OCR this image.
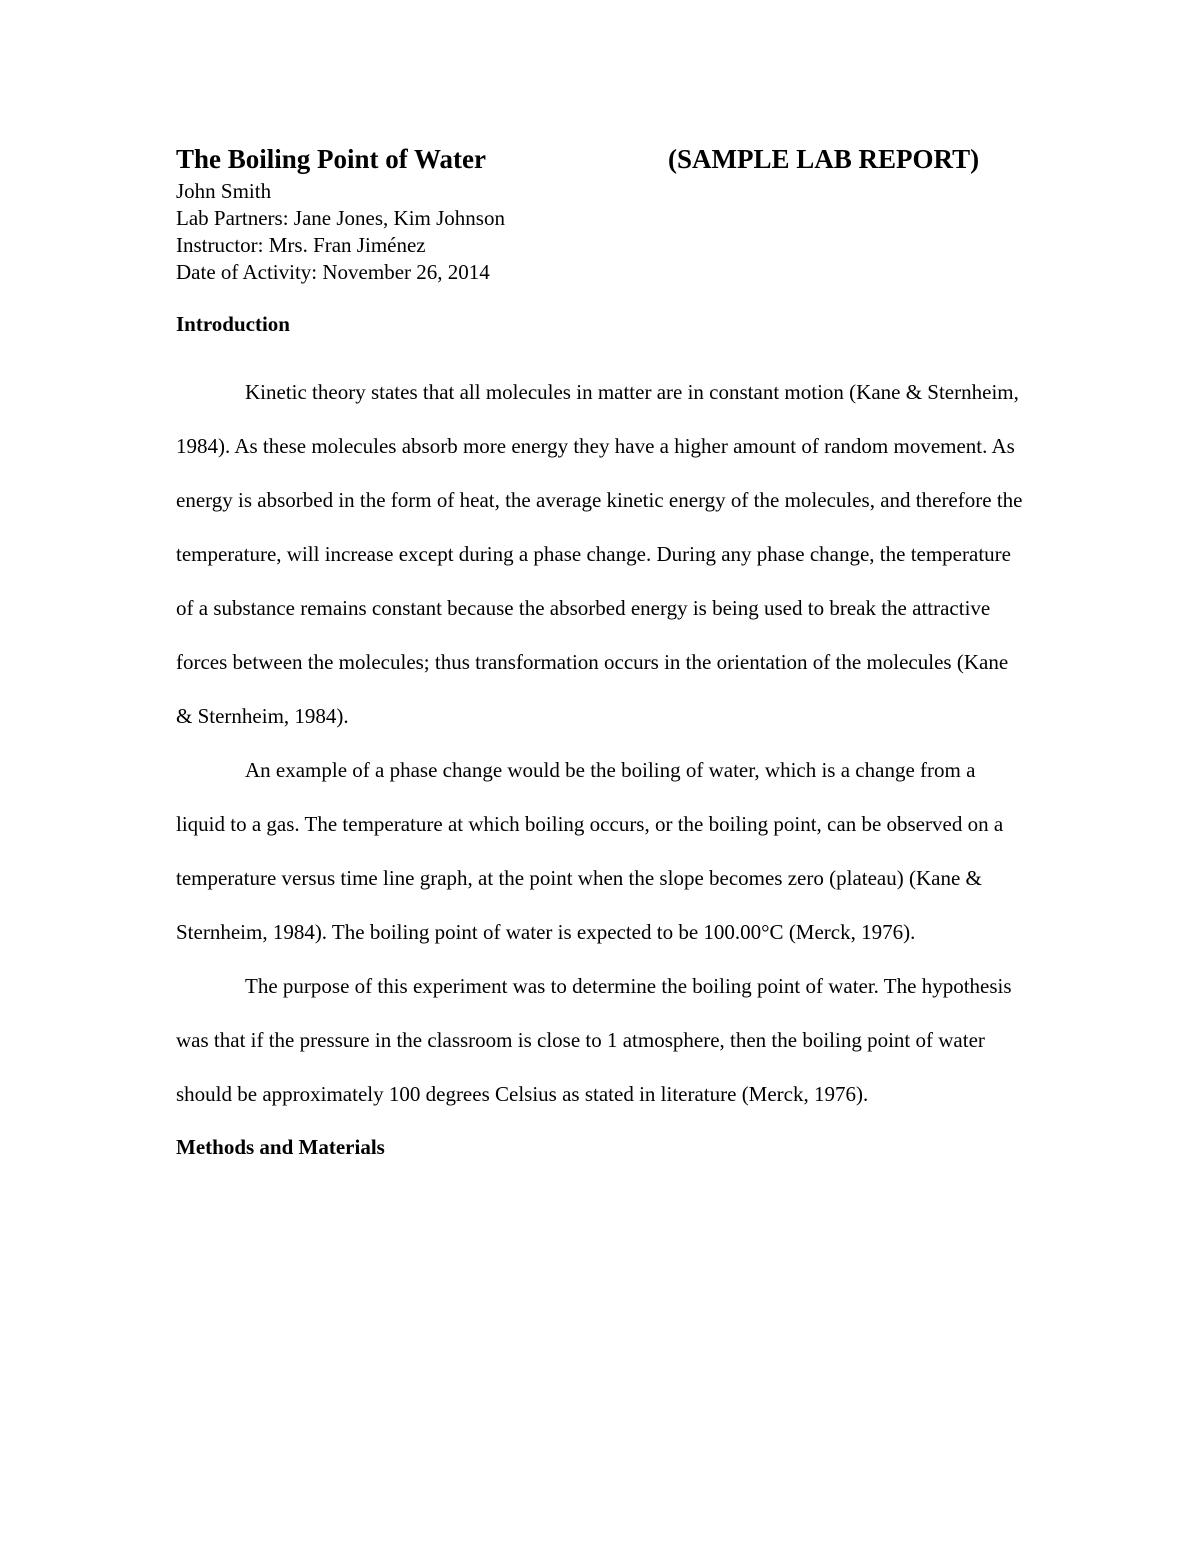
The Boiling Point of Water	(SAMPLE LAB REPORT)
John Smith
Lab Partners: Jane Jones, Kim Johnson
Instructor: Mrs. Fran Jiménez
Date of Activity: November 26, 2014
Introduction

Kinetic theory states that all molecules in matter are in constant motion (Kane & Sternheim, 1984). As these molecules absorb more energy they have a higher amount of random movement. As energy is absorbed in the form of heat, the average kinetic energy of the molecules, and therefore the temperature, will increase except during a phase change. During any phase change, the temperature of a substance remains constant because the absorbed energy is being used to break the attractive forces between the molecules; thus transformation occurs in the orientation of the molecules (Kane & Sternheim, 1984).

An example of a phase change would be the boiling of water, which is a change from a liquid to a gas. The temperature at which boiling occurs, or the boiling point, can be observed on a temperature versus time line graph, at the point when the slope becomes zero (plateau) (Kane & Sternheim, 1984). The boiling point of water is expected to be 100.00°C (Merck, 1976).

The purpose of this experiment was to determine the boiling point of water. The hypothesis was that if the pressure in the classroom is close to 1 atmosphere, then the boiling point of water should be approximately 100 degrees Celsius as stated in literature (Merck, 1976).

Methods and Materials
